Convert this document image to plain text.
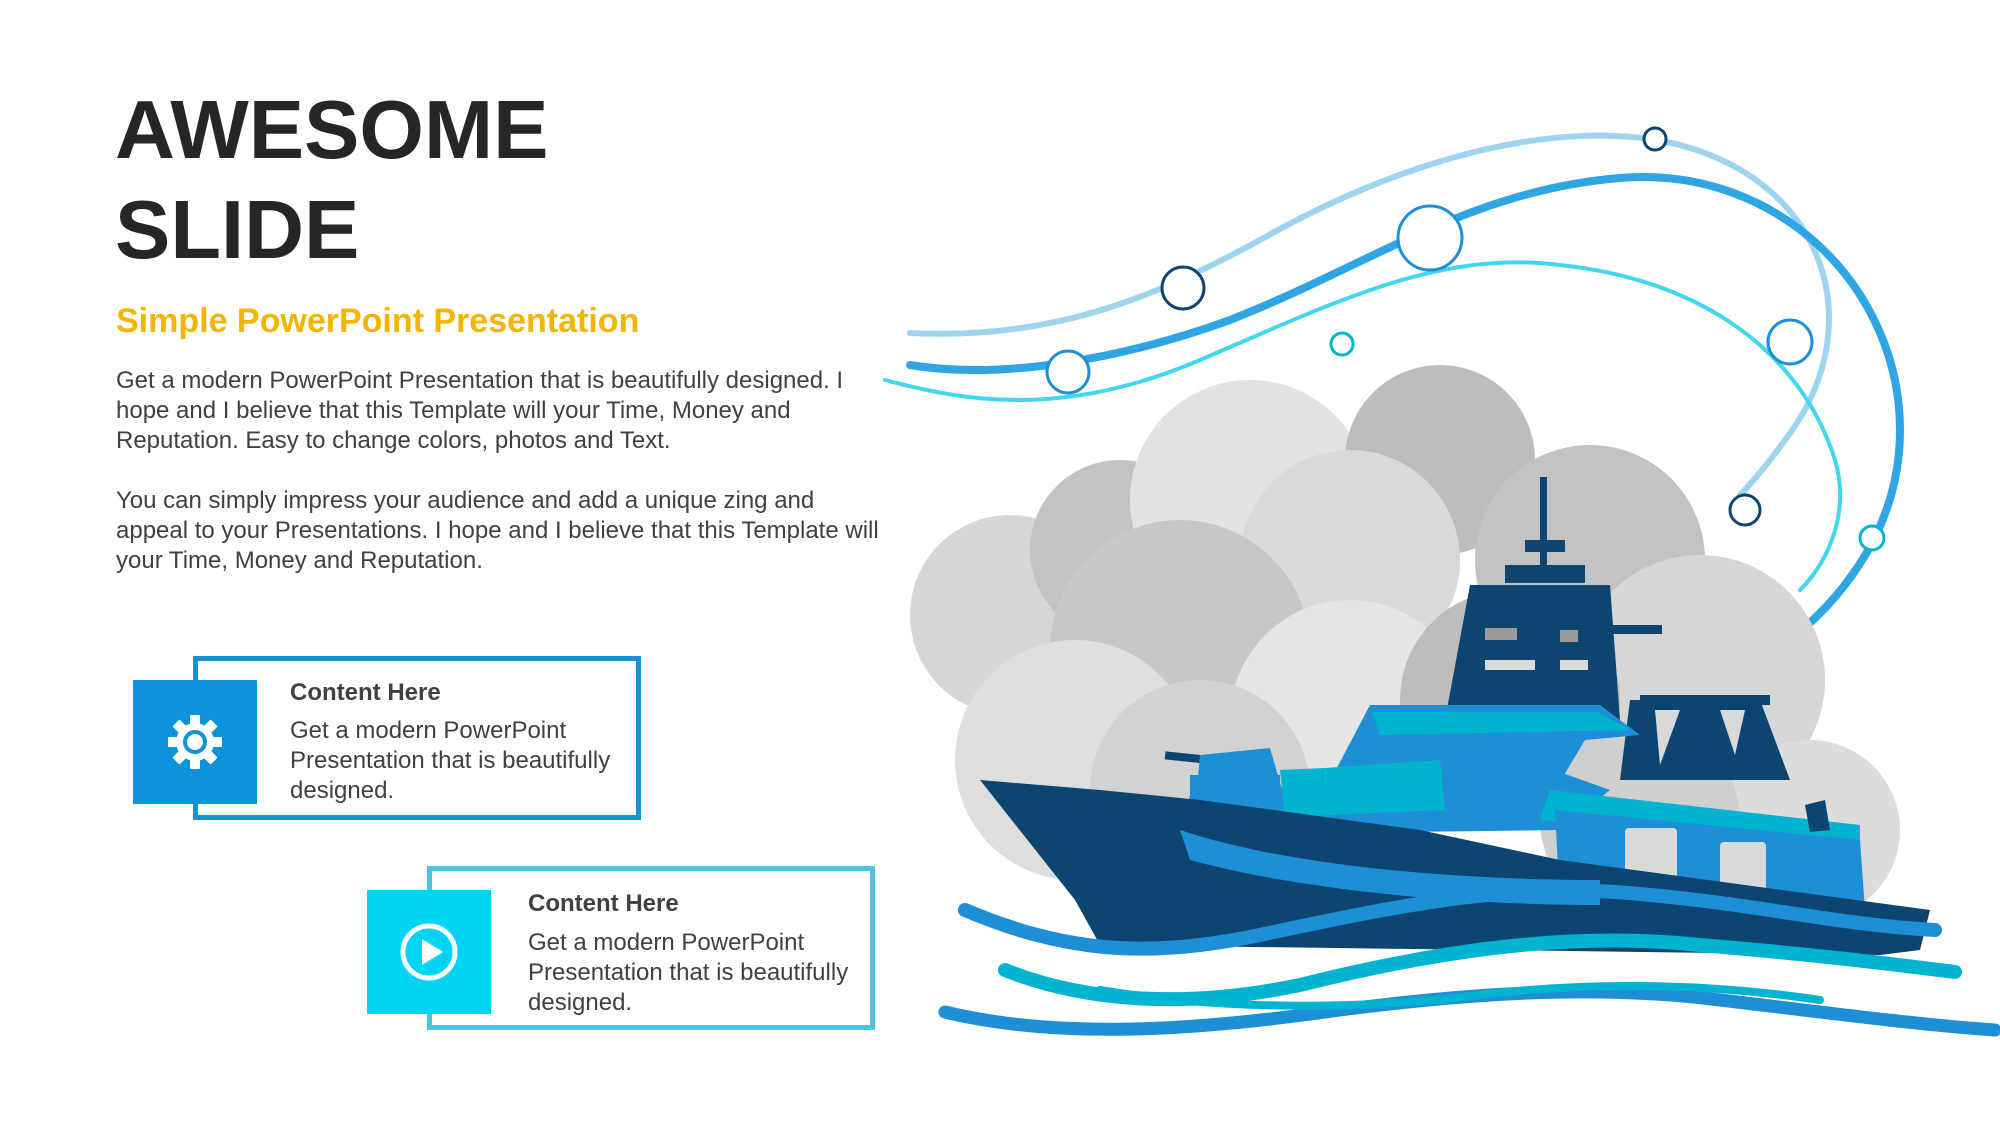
AWESOME
SLIDE
Simple PowerPoint Presentation
Get a modern PowerPoint Presentation that is beautifully designed. I hope and I believe that this Template will your Time, Money and Reputation. Easy to change colors, photos and Text.
You can simply impress your audience and add a unique zing and appeal to your Presentations. I hope and I believe that this Template will your Time, Money and Reputation.
Content Here
Get a modern PowerPoint Presentation that is beautifully designed.
Content Here
Get a modern PowerPoint Presentation that is beautifully designed.
